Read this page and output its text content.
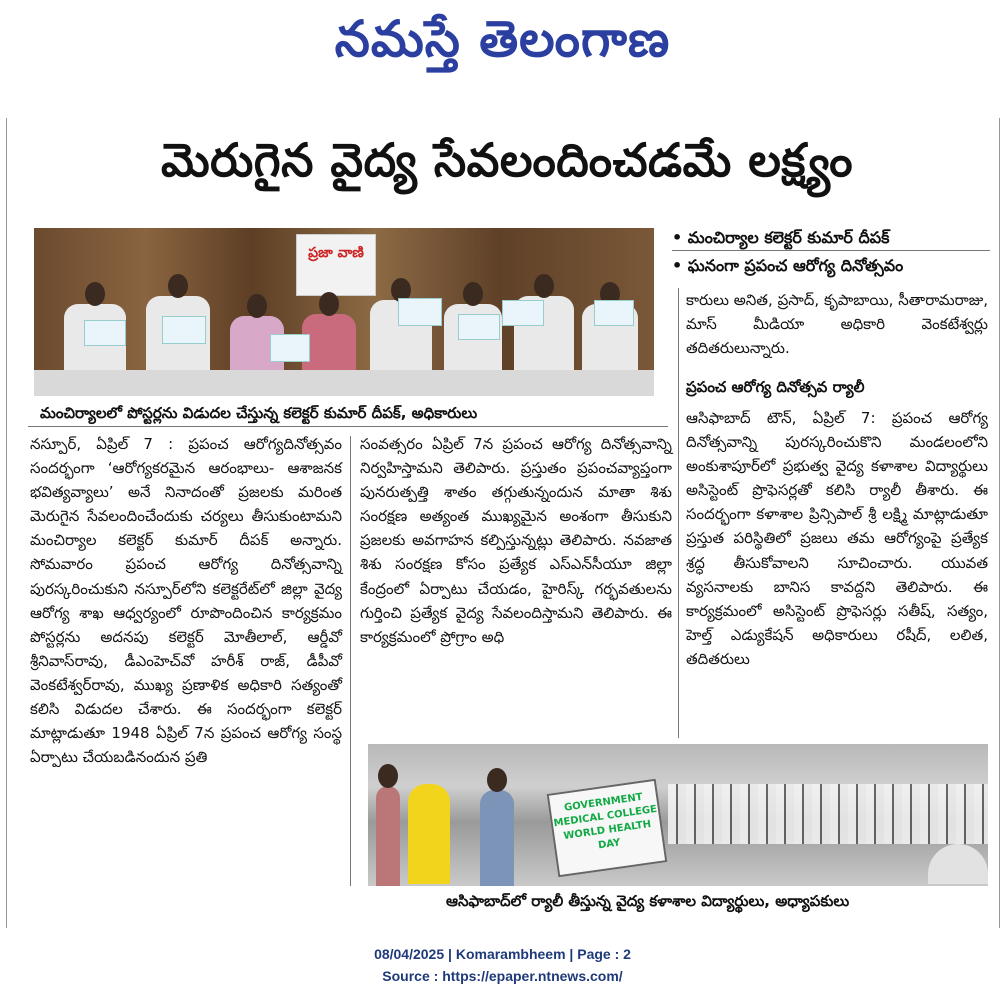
నమస్తే తెలంగాణ
మెరుగైన వైద్య సేవలందించడమే లక్ష్యం
ప్రజా వాణి
మంచిర్యాలలో పోస్టర్లను విడుదల చేస్తున్న కలెక్టర్ కుమార్ దీపక్, అధికారులు
• మంచిర్యాల కలెక్టర్ కుమార్ దీపక్
• ఘనంగా ప్రపంచ ఆరోగ్య దినోత్సవం

నస్పూర్, ఏప్రిల్ 7 : ప్రపంచ ఆరోగ్యదినోత్సవం సందర్భంగా ‘ఆరోగ్యకరమైన ఆరంభాలు- ఆశాజనక భవిత్యవ్యాలు’ అనే నినాదంతో ప్రజలకు మరింత మెరుగైన సేవలందించేందుకు చర్యలు తీసుకుంటామని మంచిర్యాల కలెక్టర్ కుమార్ దీపక్ అన్నారు. సోమవారం ప్రపంచ ఆరోగ్య దినోత్సవాన్ని పురస్కరించుకుని నస్పూర్‌లోని కలెక్టరేట్‌లో జిల్లా వైద్య ఆరోగ్య శాఖ ఆధ్వర్యంలో రూపొందించిన కార్యక్రమం పోస్టర్లను అదనపు కలెక్టర్ మోతీలాల్, ఆర్డీవో శ్రీనివాస్‌రావు, డీఎంహెచ్‌వో హరీశ్ రాజ్, డీపీవో వెంకటేశ్వర్‌రావు, ముఖ్య ప్రణాళిక అధికారి సత్యంతో కలిసి విడుదల చేశారు. ఈ సందర్భంగా కలెక్టర్ మాట్లాడుతూ 1948 ఏప్రిల్ 7న ప్రపంచ ఆరోగ్య సంస్థ ఏర్పాటు చేయబడినందున ప్రతి

సంవత్సరం ఏప్రిల్ 7న ప్రపంచ ఆరోగ్య దినోత్సవాన్ని నిర్వహిస్తామని తెలిపారు. ప్రస్తుతం ప్రపంచవ్యాప్తంగా పునరుత్పత్తి శాతం తగ్గుతున్నందున మాతా శిశు సంరక్షణ అత్యంత ముఖ్యమైన అంశంగా తీసుకుని ప్రజలకు అవగాహన కల్పిస్తున్నట్లు తెలిపారు. నవజాత శిశు సంరక్షణ కోసం ప్రత్యేక ఎస్‌ఎన్‌సీయూ జిల్లా కేంద్రంలో ఏర్పాటు చేయడం, హైరిస్క్ గర్భవతులను గుర్తించి ప్రత్యేక వైద్య సేవలందిస్తామని తెలిపారు. ఈ కార్యక్రమంలో ప్రోగ్రాం అధి

కారులు అనిత, ప్రసాద్, కృపాబాయి, సీతారామరాజు, మాస్ మీడియా అధికారి వెంకటేశ్వర్లు తదితరులున్నారు.

ప్రపంచ ఆరోగ్య దినోత్సవ ర్యాలీ

ఆసిఫాబాద్ టౌన్, ఏప్రిల్ 7: ప్రపంచ ఆరోగ్య దినోత్సవాన్ని పురస్కరించుకొని మండలంలోని అంకుశాపూర్‌లో ప్రభుత్వ వైద్య కళాశాల విద్యార్థులు అసిస్టెంట్ ప్రొఫెసర్లతో కలిసి ర్యాలీ తీశారు. ఈ సందర్భంగా కళాశాల ప్రిన్సిపాల్ శ్రీ లక్ష్మి మాట్లాడుతూ ప్రస్తుత పరిస్థితిలో ప్రజలు తమ ఆరోగ్యంపై ప్రత్యేక శ్రద్ధ తీసుకోవాలని సూచించారు. యువత వ్యసనాలకు బానిస కావద్దని తెలిపారు. ఈ కార్యక్రమంలో అసిస్టెంట్ ప్రొఫెసర్లు సతీష్, సత్యం, హెల్త్ ఎడ్యుకేషన్ అధికారులు రషీద్, లలిత, తదితరులు

GOVERNMENT MEDICAL COLLEGE WORLD HEALTH DAY
ఆసిఫాబాద్‌లో ర్యాలీ తీస్తున్న వైద్య కళాశాల విద్యార్థులు, అధ్యాపకులు
08/04/2025 | Komarambheem | Page : 2
Source : https://epaper.ntnews.com/
